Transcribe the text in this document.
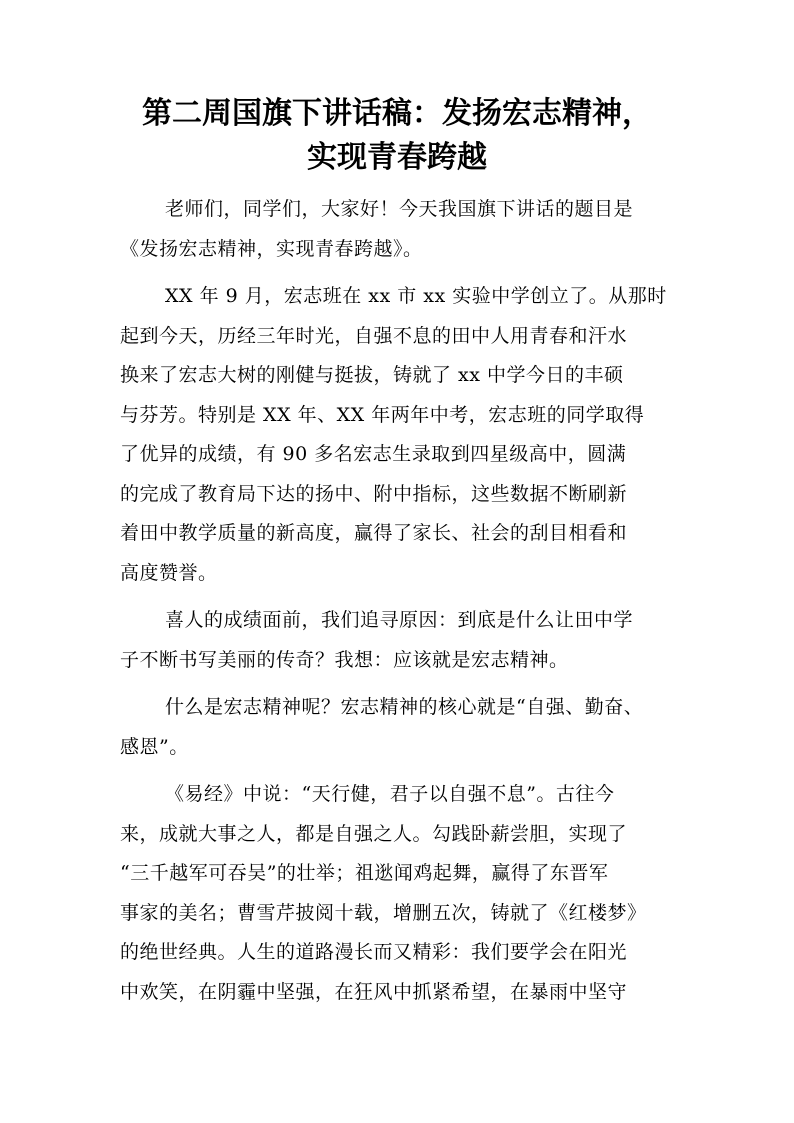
第二周国旗下讲话稿：发扬宏志精神，
实现青春跨越
老师们，同学们，大家好！今天我国旗下讲话的题目是
《发扬宏志精神，实现青春跨越》。
XX 年 9 月，宏志班在 xx 市 xx 实验中学创立了。从那时
起到今天，历经三年时光，自强不息的田中人用青春和汗水
换来了宏志大树的刚健与挺拔，铸就了 xx 中学今日的丰硕
与芬芳。特别是 XX 年、XX 年两年中考，宏志班的同学取得
了优异的成绩，有 90 多名宏志生录取到四星级高中，圆满
的完成了教育局下达的扬中、附中指标，这些数据不断刷新
着田中教学质量的新高度，赢得了家长、社会的刮目相看和
高度赞誉。
喜人的成绩面前，我们追寻原因：到底是什么让田中学
子不断书写美丽的传奇？我想：应该就是宏志精神。
什么是宏志精神呢？宏志精神的核心就是“自强、勤奋、
感恩”。
《易经》中说：“天行健，君子以自强不息”。古往今
来，成就大事之人，都是自强之人。勾践卧薪尝胆，实现了
“三千越军可吞吴”的壮举；祖逖闻鸡起舞，赢得了东晋军
事家的美名；曹雪芹披阅十载，增删五次，铸就了《红楼梦》
的绝世经典。人生的道路漫长而又精彩：我们要学会在阳光
中欢笑，在阴霾中坚强，在狂风中抓紧希望，在暴雨中坚守
